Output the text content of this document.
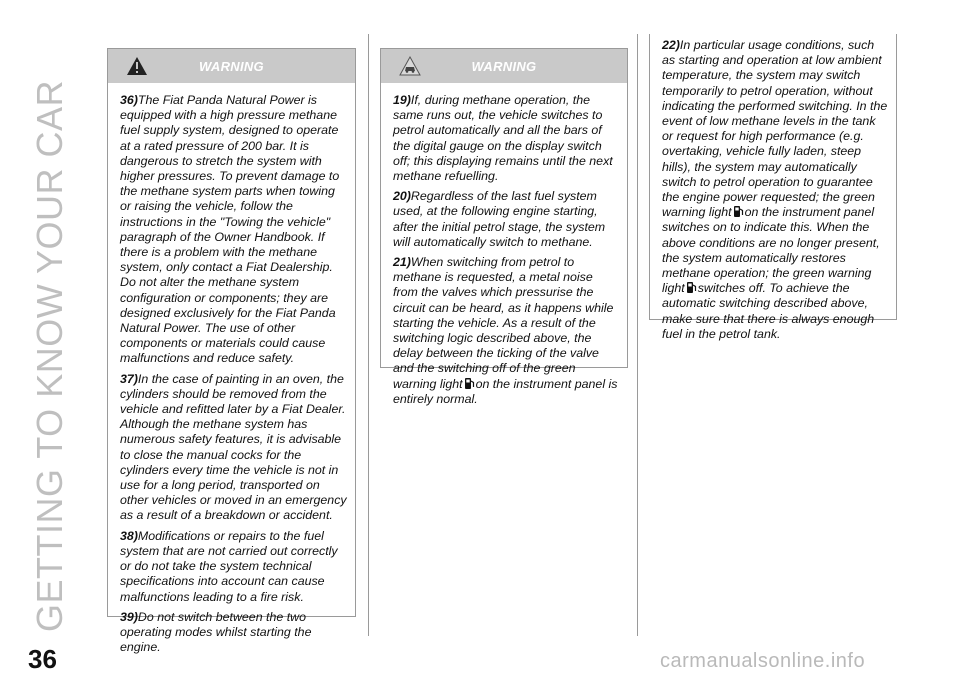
GETTING TO KNOW YOUR CAR
36
WARNING

36)The Fiat Panda Natural Power is equipped with a high pressure methane fuel supply system, designed to operate at a rated pressure of 200 bar. It is dangerous to stretch the system with higher pressures. To prevent damage to the methane system parts when towing or raising the vehicle, follow the instructions in the "Towing the vehicle" paragraph of the Owner Handbook. If there is a problem with the methane system, only contact a Fiat Dealership. Do not alter the methane system configuration or components; they are designed exclusively for the Fiat Panda Natural Power. The use of other components or materials could cause malfunctions and reduce safety.

37)In the case of painting in an oven, the cylinders should be removed from the vehicle and refitted later by a Fiat Dealer. Although the methane system has numerous safety features, it is advisable to close the manual cocks for the cylinders every time the vehicle is not in use for a long period, transported on other vehicles or moved in an emergency as a result of a breakdown or accident.

38)Modifications or repairs to the fuel system that are not carried out correctly or do not take the system technical specifications into account can cause malfunctions leading to a fire risk.

39)Do not switch between the two operating modes whilst starting the engine.

WARNING

19)If, during methane operation, the same runs out, the vehicle switches to petrol automatically and all the bars of the digital gauge on the display switch off; this displaying remains until the next methane refuelling.

20)Regardless of the last fuel system used, at the following engine starting, after the initial petrol stage, the system will automatically switch to methane.

21)When switching from petrol to methane is requested, a metal noise from the valves which pressurise the circuit can be heard, as it happens while starting the vehicle. As a result of the switching logic described above, the delay between the ticking of the valve and the switching off of the green warning light on the instrument panel is entirely normal.

22)In particular usage conditions, such as starting and operation at low ambient temperature, the system may switch temporarily to petrol operation, without indicating the performed switching. In the event of low methane levels in the tank or request for high performance (e.g. overtaking, vehicle fully laden, steep hills), the system may automatically switch to petrol operation to guarantee the engine power requested; the green warning light on the instrument panel switches on to indicate this. When the above conditions are no longer present, the system automatically restores methane operation; the green warning light switches off. To achieve the automatic switching described above, make sure that there is always enough fuel in the petrol tank.

carmanualsonline.info
